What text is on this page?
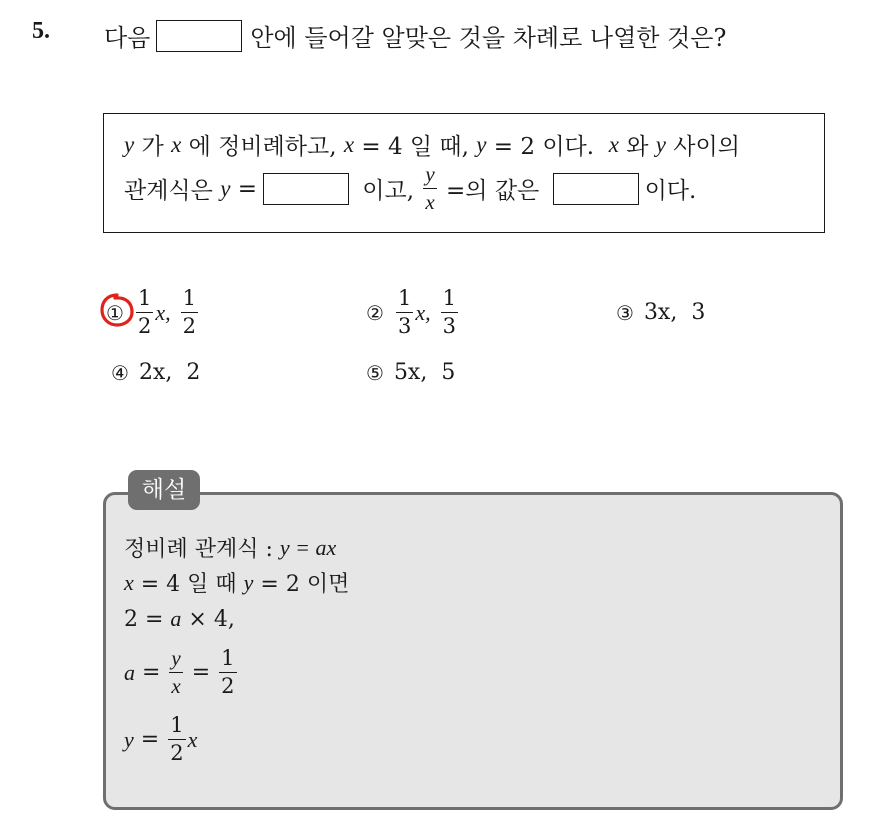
5. 다음	안에 들어갈 알맞은 것을 차례로 나열한 것은?
y 가 x 에 정비례하고, x = 4 일 때, y = 2 이다. x 와 y 사이의
관계식은 y =	이고, $\frac{y}{x}$ =의 값은	이다.
① $\frac{1}{2} x$, $\frac{1}{2}$	② $\frac{1}{3} x$, $\frac{1}{3}$	③ 3x,  3
④ 2x,  2	⑤ 5x,  5
해설
정비례 관계식 : y = ax
x = 4 일 때 y = 2 이면
2 = a × 4,
$a = \frac{y}{x} = \frac{1}{2}$
$y = \frac{1}{2}$ x
